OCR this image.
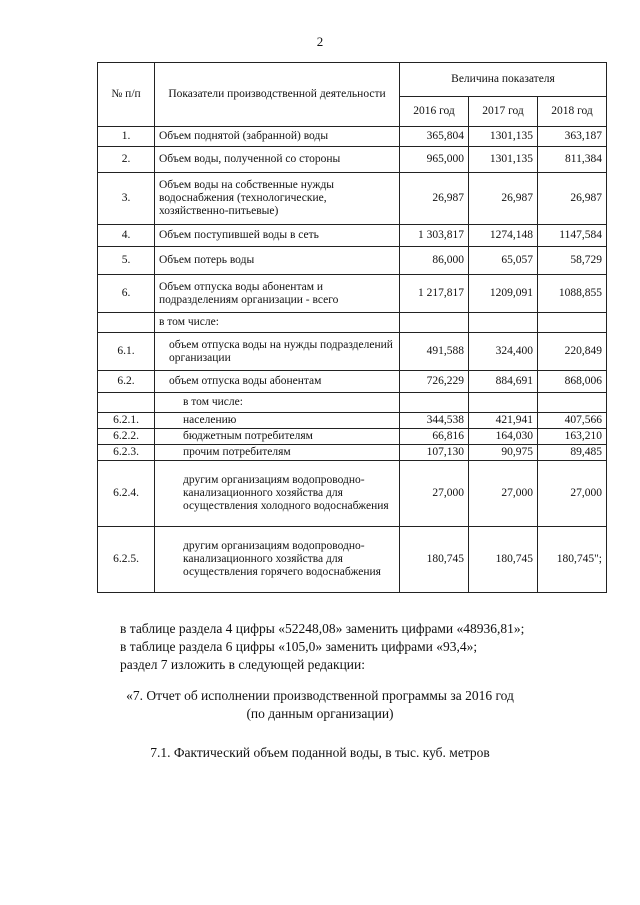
2
№ п/п	Показатели производственной деятельности	Величина показателя		
		2016 год	2017 год	2018 год
1.	Объем поднятой (забранной) воды	365,804	1301,135	363,187
2.	Объем воды, полученной со стороны	965,000	1301,135	811,384
3.	Объем воды на собственные нужды водоснабжения (технологические, хозяйственно-питьевые)	26,987	26,987	26,987
4.	Объем поступившей воды в сеть	1 303,817	1274,148	1147,584
5.	Объем потерь воды	86,000	65,057	58,729
6.	Объем отпуска воды абонентам и подразделениям организации - всего	1 217,817	1209,091	1088,855
	в том числе:			
6.1.	объем отпуска воды на нужды подразделений организации	491,588	324,400	220,849
6.2.	объем отпуска воды абонентам	726,229	884,691	868,006
	в том числе:			
6.2.1.	населению	344,538	421,941	407,566
6.2.2.	бюджетным потребителям	66,816	164,030	163,210
6.2.3.	прочим потребителям	107,130	90,975	89,485
6.2.4.	другим организациям водопроводно-канализационного хозяйства для осуществления холодного водоснабжения	27,000	27,000	27,000
6.2.5.	другим организациям водопроводно-канализационного хозяйства для осуществления горячего водоснабжения	180,745	180,745	180,745";
в таблице раздела 4 цифры «52248,08» заменить цифрами «48936,81»;
в таблице раздела 6 цифры «105,0» заменить цифрами «93,4»;
раздел 7 изложить в следующей редакции:
«7. Отчет об исполнении производственной программы за 2016 год
(по данным организации)
7.1. Фактический объем поданной воды, в тыс. куб. метров
